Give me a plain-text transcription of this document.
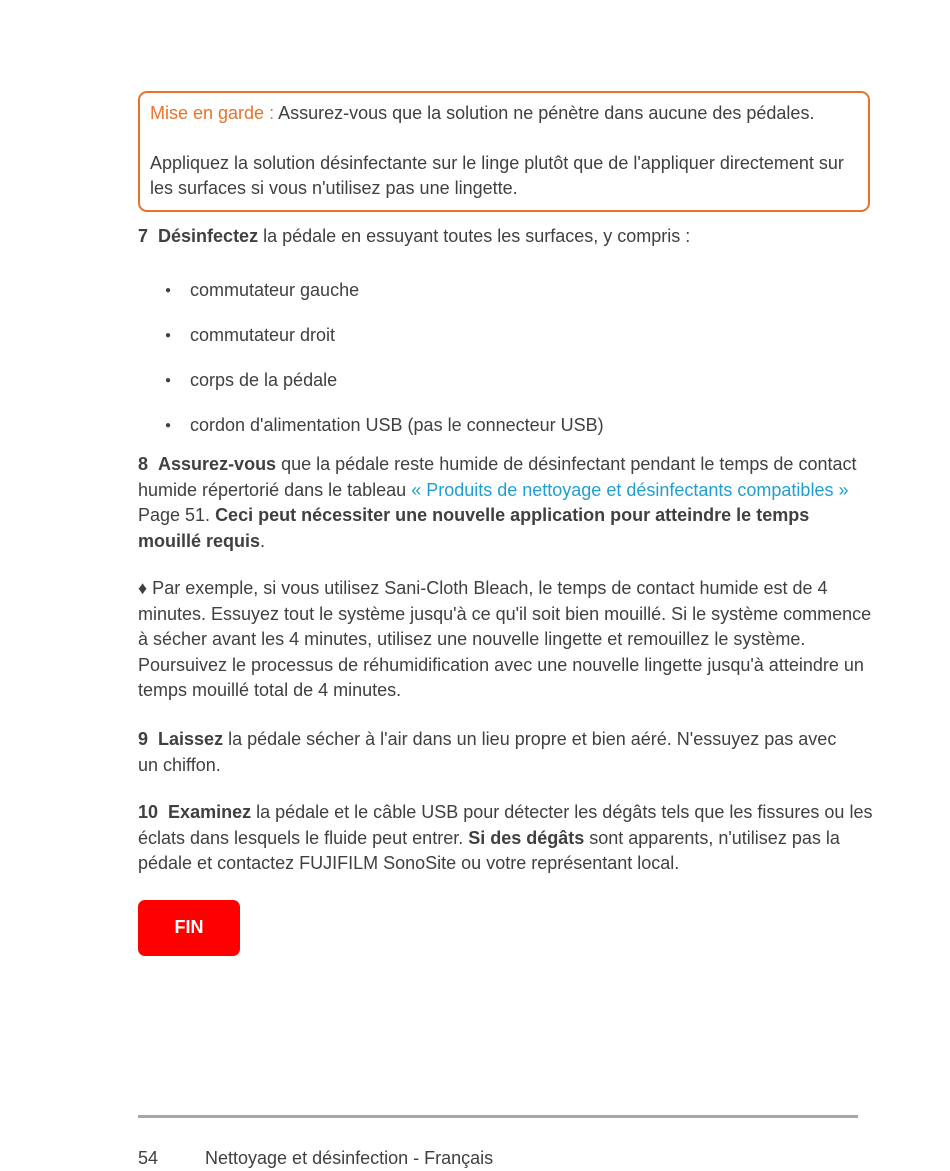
Mise en garde : Assurez-vous que la solution ne pénètre dans aucune des pédales.

Appliquez la solution désinfectante sur le linge plutôt que de l'appliquer directement sur les surfaces si vous n'utilisez pas une lingette.

7 Désinfectez la pédale en essuyant toutes les surfaces, y compris :

●	commutateur gauche
●	commutateur droit
●	corps de la pédale
●	cordon d'alimentation USB (pas le connecteur USB)

8 Assurez-vous que la pédale reste humide de désinfectant pendant le temps de contact humide répertorié dans le tableau « Produits de nettoyage et désinfectants compatibles » Page 51. Ceci peut nécessiter une nouvelle application pour atteindre le temps mouillé requis.

♦ Par exemple, si vous utilisez Sani-Cloth Bleach, le temps de contact humide est de 4 minutes. Essuyez tout le système jusqu'à ce qu'il soit bien mouillé. Si le système commence à sécher avant les 4 minutes, utilisez une nouvelle lingette et remouillez le système. Poursuivez le processus de réhumidification avec une nouvelle lingette jusqu'à atteindre un temps mouillé total de 4 minutes.

9 Laissez la pédale sécher à l'air dans un lieu propre et bien aéré. N'essuyez pas avec un chiffon.

10 Examinez la pédale et le câble USB pour détecter les dégâts tels que les fissures ou les éclats dans lesquels le fluide peut entrer. Si des dégâts sont apparents, n'utilisez pas la pédale et contactez FUJIFILM SonoSite ou votre représentant local.

FIN
54	Nettoyage et désinfection - Français
